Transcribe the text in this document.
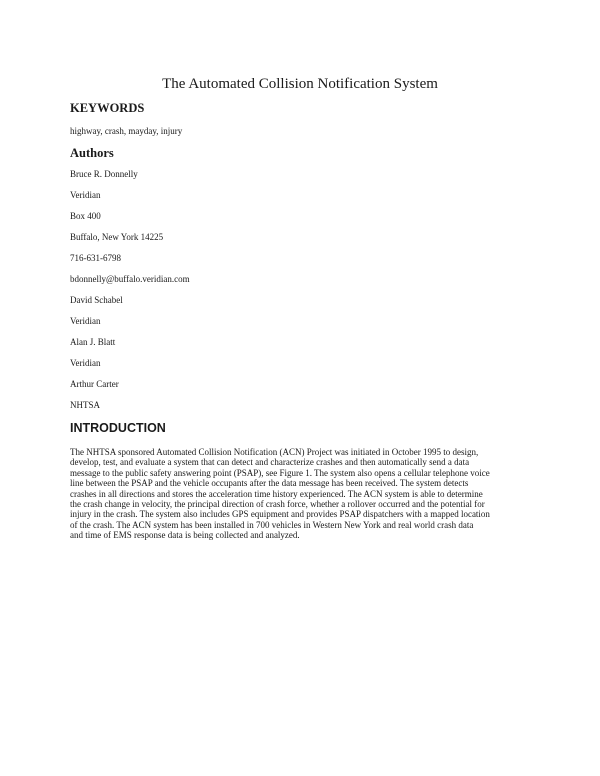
The Automated Collision Notification System
KEYWORDS
highway, crash, mayday, injury
Authors
Bruce R. Donnelly
Veridian
Box 400
Buffalo, New York 14225
716-631-6798
bdonnelly@buffalo.veridian.com
David Schabel
Veridian
Alan J. Blatt
Veridian
Arthur Carter
NHTSA
INTRODUCTION
The NHTSA sponsored Automated Collision Notification (ACN) Project was initiated in October 1995 to design,
develop, test, and evaluate a system that can detect and characterize crashes and then automatically send a data
message to the public safety answering point (PSAP), see Figure 1. The system also opens a cellular telephone voice
line between the PSAP and the vehicle occupants after the data message has been received. The system detects
crashes in all directions and stores the acceleration time history experienced. The ACN system is able to determine
the crash change in velocity, the principal direction of crash force, whether a rollover occurred and the potential for
injury in the crash. The system also includes GPS equipment and provides PSAP dispatchers with a mapped location
of the crash. The ACN system has been installed in 700 vehicles in Western New York and real world crash data
and time of EMS response data is being collected and analyzed.
